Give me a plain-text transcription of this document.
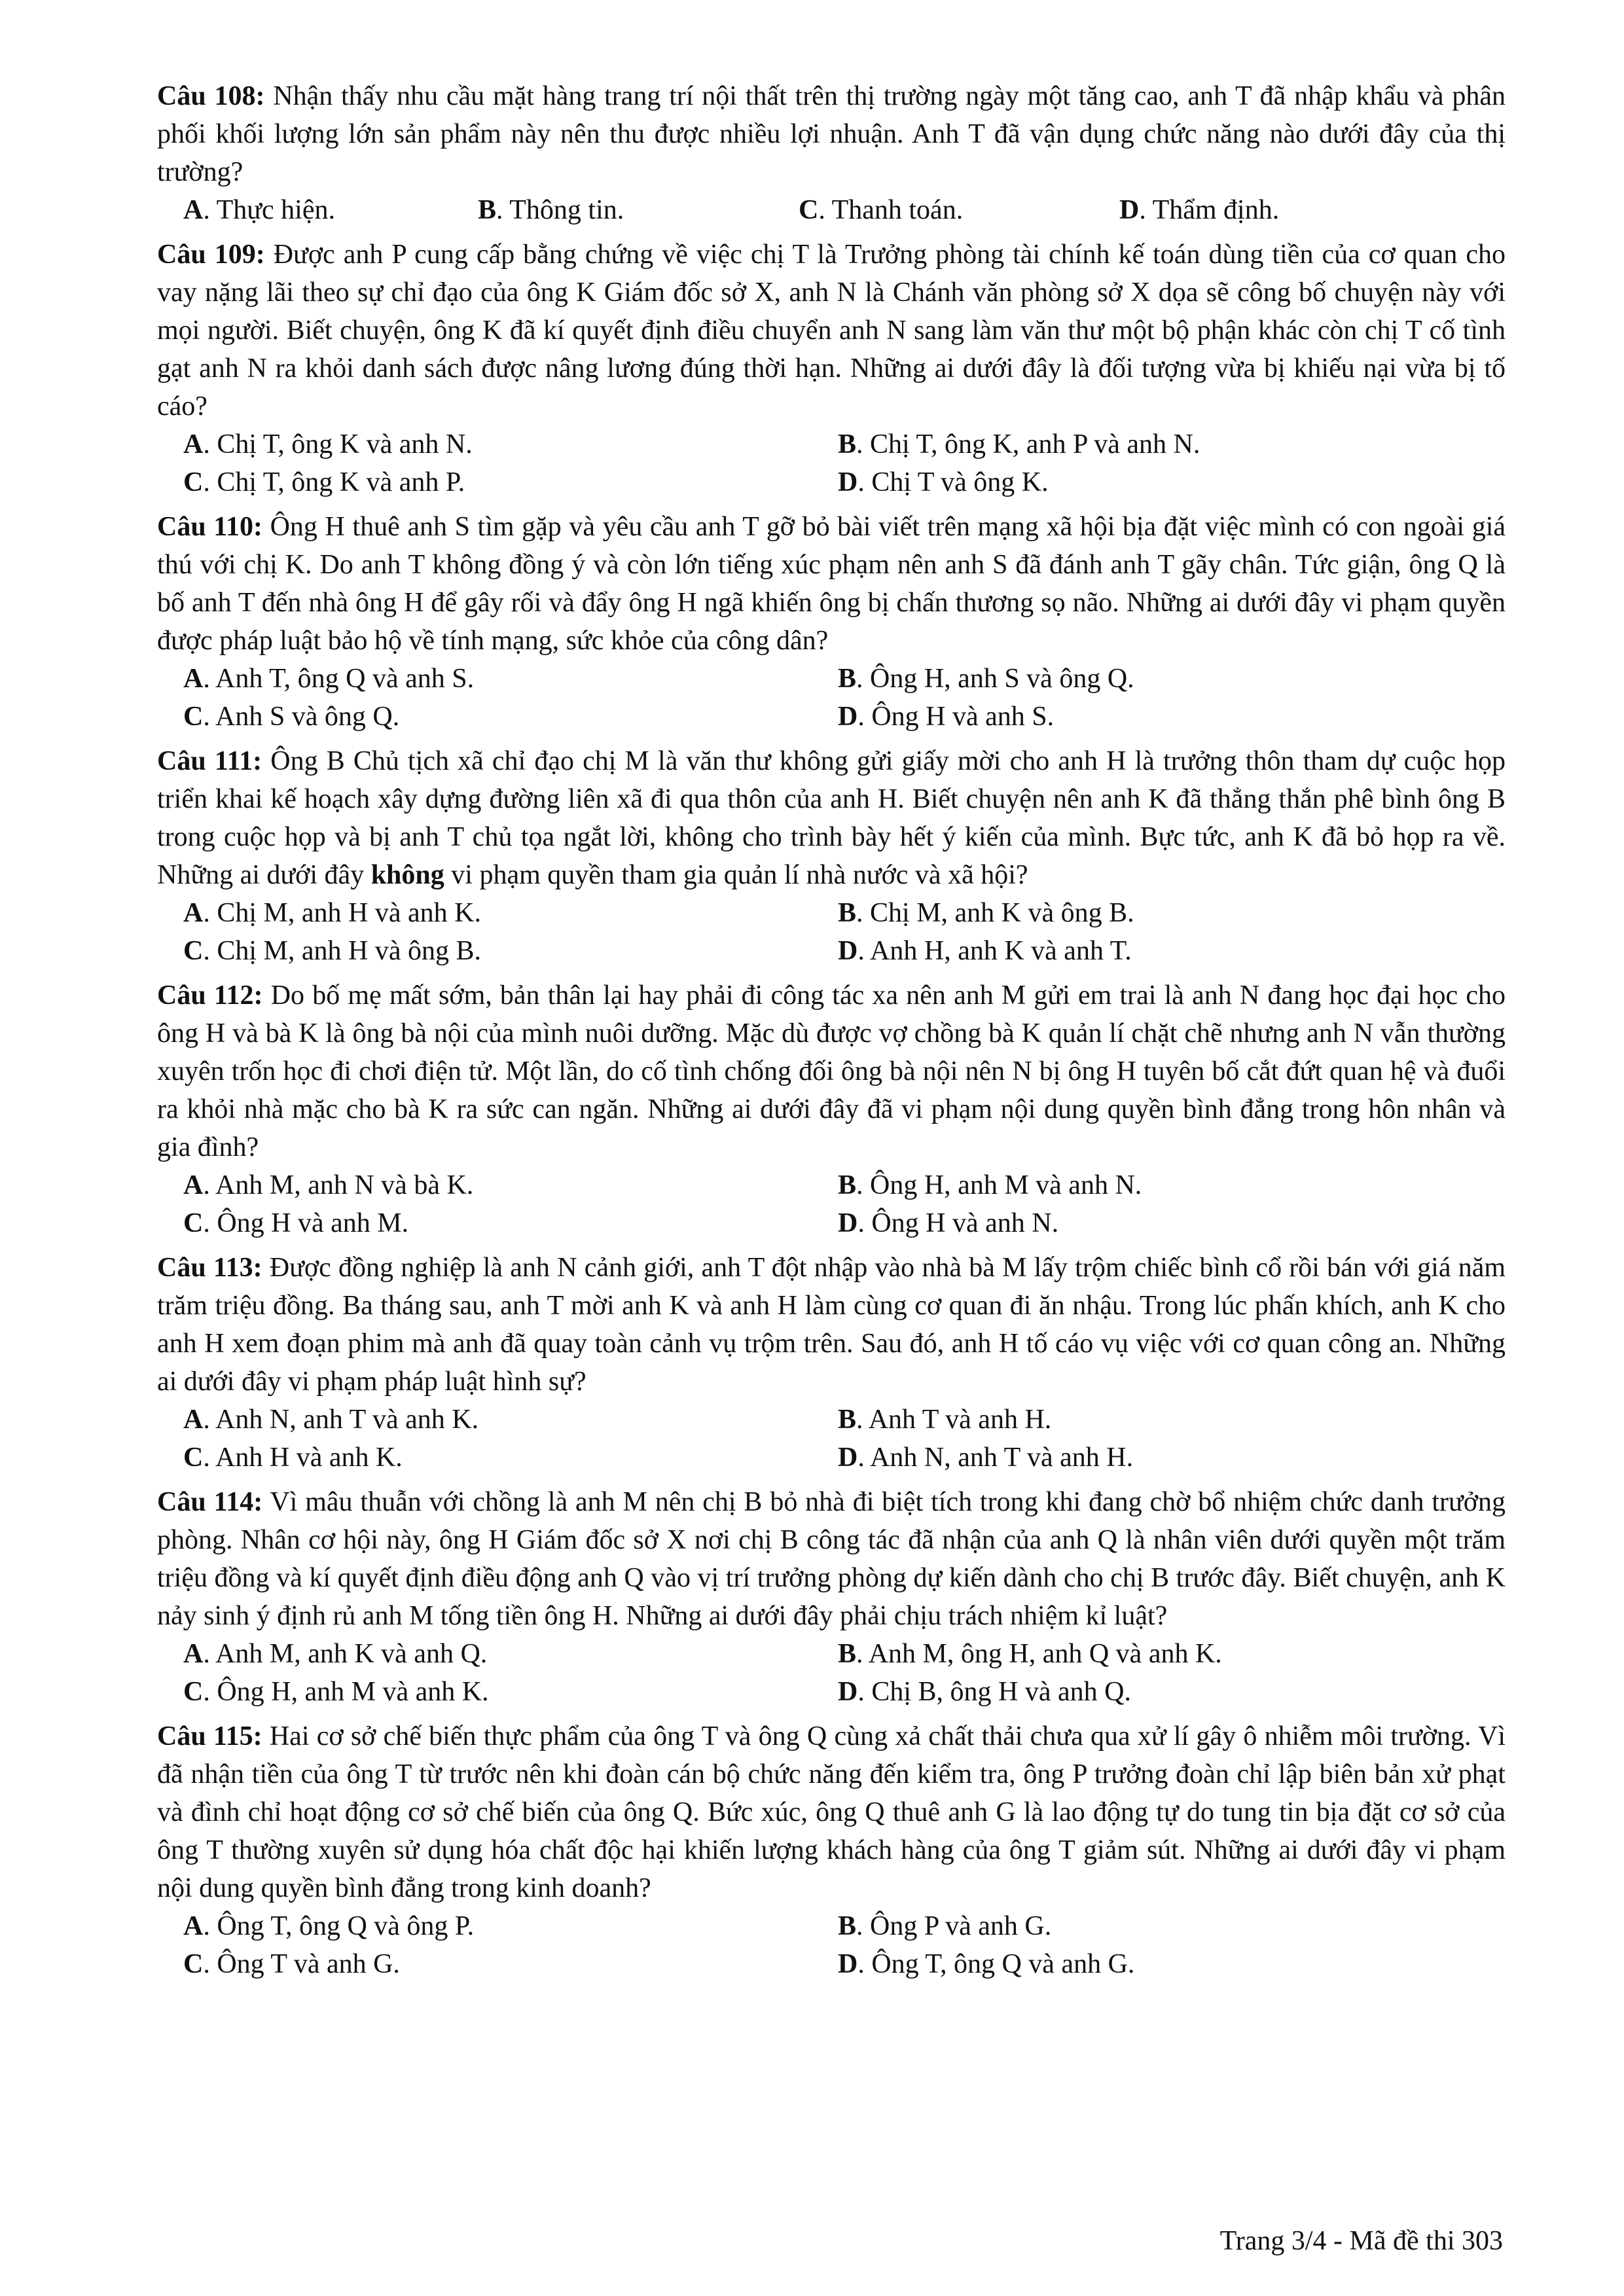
Câu 108: Nhận thấy nhu cầu mặt hàng trang trí nội thất trên thị trường ngày một tăng cao, anh T đã nhập khẩu và phân phối khối lượng lớn sản phẩm này nên thu được nhiều lợi nhuận. Anh T đã vận dụng chức năng nào dưới đây của thị trường?

A. Thực hiện.	B. Thông tin.	C. Thanh toán.	D. Thẩm định.

Câu 109: Được anh P cung cấp bằng chứng về việc chị T là Trưởng phòng tài chính kế toán dùng tiền của cơ quan cho vay nặng lãi theo sự chỉ đạo của ông K Giám đốc sở X, anh N là Chánh văn phòng sở X dọa sẽ công bố chuyện này với mọi người. Biết chuyện, ông K đã kí quyết định điều chuyển anh N sang làm văn thư một bộ phận khác còn chị T cố tình gạt anh N ra khỏi danh sách được nâng lương đúng thời hạn. Những ai dưới đây là đối tượng vừa bị khiếu nại vừa bị tố cáo?

A. Chị T, ông K và anh N.	B. Chị T, ông K, anh P và anh N.
C. Chị T, ông K và anh P.	D. Chị T và ông K.

Câu 110: Ông H thuê anh S tìm gặp và yêu cầu anh T gỡ bỏ bài viết trên mạng xã hội bịa đặt việc mình có con ngoài giá thú với chị K. Do anh T không đồng ý và còn lớn tiếng xúc phạm nên anh S đã đánh anh T gãy chân. Tức giận, ông Q là bố anh T đến nhà ông H để gây rối và đẩy ông H ngã khiến ông bị chấn thương sọ não. Những ai dưới đây vi phạm quyền được pháp luật bảo hộ về tính mạng, sức khỏe của công dân?

A. Anh T, ông Q và anh S.	B. Ông H, anh S và ông Q.
C. Anh S và ông Q.	D. Ông H và anh S.

Câu 111: Ông B Chủ tịch xã chỉ đạo chị M là văn thư không gửi giấy mời cho anh H là trưởng thôn tham dự cuộc họp triển khai kế hoạch xây dựng đường liên xã đi qua thôn của anh H. Biết chuyện nên anh K đã thẳng thắn phê bình ông B trong cuộc họp và bị anh T chủ tọa ngắt lời, không cho trình bày hết ý kiến của mình. Bực tức, anh K đã bỏ họp ra về. Những ai dưới đây không vi phạm quyền tham gia quản lí nhà nước và xã hội?

A. Chị M, anh H và anh K.	B. Chị M, anh K và ông B.
C. Chị M, anh H và ông B.	D. Anh H, anh K và anh T.

Câu 112: Do bố mẹ mất sớm, bản thân lại hay phải đi công tác xa nên anh M gửi em trai là anh N đang học đại học cho ông H và bà K là ông bà nội của mình nuôi dưỡng. Mặc dù được vợ chồng bà K quản lí chặt chẽ nhưng anh N vẫn thường xuyên trốn học đi chơi điện tử. Một lần, do cố tình chống đối ông bà nội nên N bị ông H tuyên bố cắt đứt quan hệ và đuổi ra khỏi nhà mặc cho bà K ra sức can ngăn. Những ai dưới đây đã vi phạm nội dung quyền bình đẳng trong hôn nhân và gia đình?

A. Anh M, anh N và bà K.	B. Ông H, anh M và anh N.
C. Ông H và anh M.	D. Ông H và anh N.

Câu 113: Được đồng nghiệp là anh N cảnh giới, anh T đột nhập vào nhà bà M lấy trộm chiếc bình cổ rồi bán với giá năm trăm triệu đồng. Ba tháng sau, anh T mời anh K và anh H làm cùng cơ quan đi ăn nhậu. Trong lúc phấn khích, anh K cho anh H xem đoạn phim mà anh đã quay toàn cảnh vụ trộm trên. Sau đó, anh H tố cáo vụ việc với cơ quan công an. Những ai dưới đây vi phạm pháp luật hình sự?

A. Anh N, anh T và anh K.	B. Anh T và anh H.
C. Anh H và anh K.	D. Anh N, anh T và anh H.

Câu 114: Vì mâu thuẫn với chồng là anh M nên chị B bỏ nhà đi biệt tích trong khi đang chờ bổ nhiệm chức danh trưởng phòng. Nhân cơ hội này, ông H Giám đốc sở X nơi chị B công tác đã nhận của anh Q là nhân viên dưới quyền một trăm triệu đồng và kí quyết định điều động anh Q vào vị trí trưởng phòng dự kiến dành cho chị B trước đây. Biết chuyện, anh K nảy sinh ý định rủ anh M tống tiền ông H. Những ai dưới đây phải chịu trách nhiệm kỉ luật?

A. Anh M, anh K và anh Q.	B. Anh M, ông H, anh Q và anh K.
C. Ông H, anh M và anh K.	D. Chị B, ông H và anh Q.

Câu 115: Hai cơ sở chế biến thực phẩm của ông T và ông Q cùng xả chất thải chưa qua xử lí gây ô nhiễm môi trường. Vì đã nhận tiền của ông T từ trước nên khi đoàn cán bộ chức năng đến kiểm tra, ông P trưởng đoàn chỉ lập biên bản xử phạt và đình chỉ hoạt động cơ sở chế biến của ông Q. Bức xúc, ông Q thuê anh G là lao động tự do tung tin bịa đặt cơ sở của ông T thường xuyên sử dụng hóa chất độc hại khiến lượng khách hàng của ông T giảm sút. Những ai dưới đây vi phạm nội dung quyền bình đẳng trong kinh doanh?

A. Ông T, ông Q và ông P.	B. Ông P và anh G.
C. Ông T và anh G.	D. Ông T, ông Q và anh G.
Trang 3/4 - Mã đề thi 303
